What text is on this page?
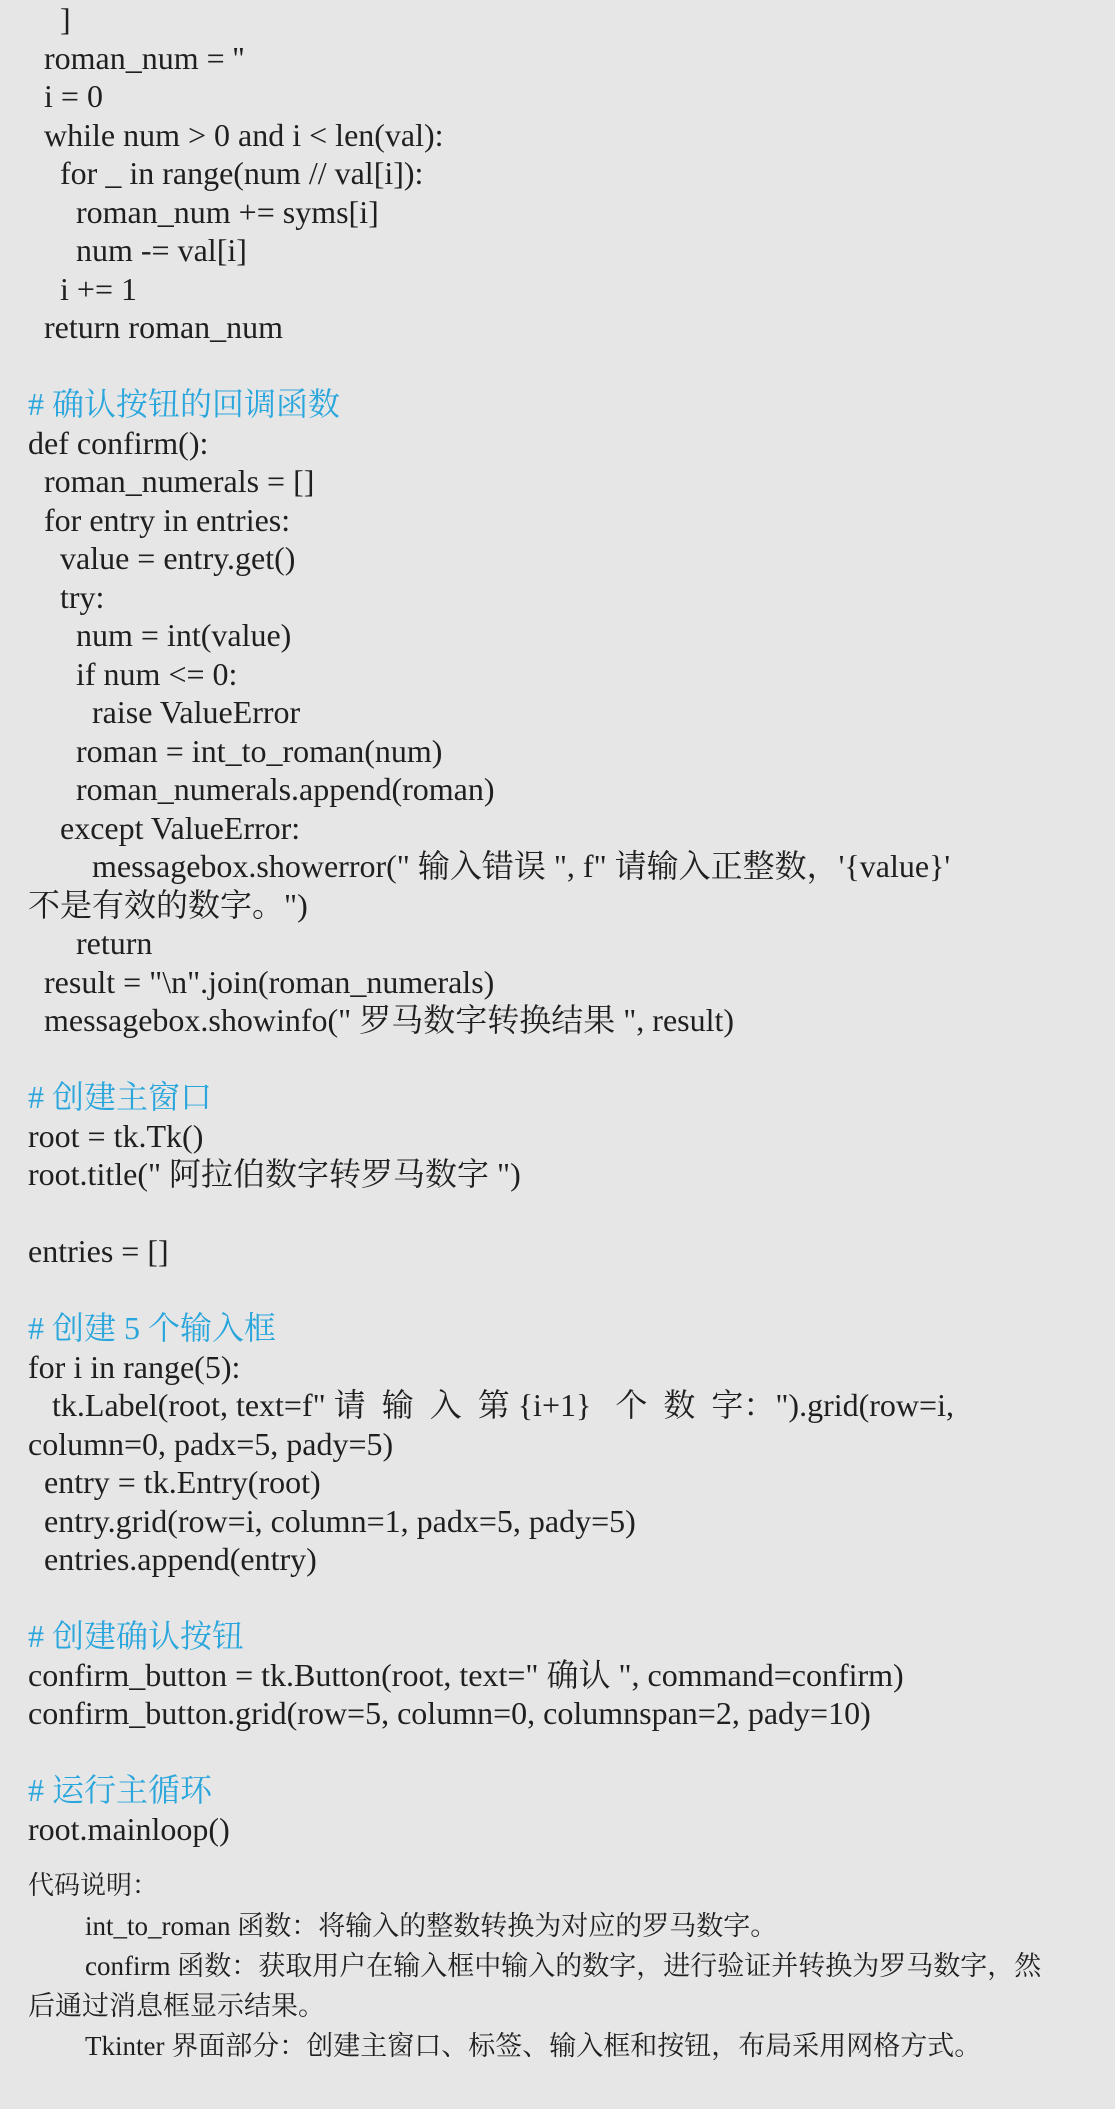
]
roman_num = ''
i = 0
while num > 0 and i < len(val):
for _ in range(num // val[i]):
roman_num += syms[i]
num -= val[i]
i += 1
return roman_num
# 确认按钮的回调函数
def confirm():
roman_numerals = []
for entry in entries:
value = entry.get()
try:
num = int(value)
if num <= 0:
raise ValueError
roman = int_to_roman(num)
roman_numerals.append(roman)
except ValueError:
messagebox.showerror(" 输入错误 ", f" 请输入正整数，'{value}'
不是有效的数字。")
return
result = "\n".join(roman_numerals)
messagebox.showinfo(" 罗马数字转换结果 ", result)
# 创建主窗口
root = tk.Tk()
root.title(" 阿拉伯数字转罗马数字 ")
entries = []
# 创建 5 个输入框
for i in range(5):
tk.Label(root, text=f" 请  输  入  第 {i+1}   个  数  字：").grid(row=i,
column=0, padx=5, pady=5)
entry = tk.Entry(root)
entry.grid(row=i, column=1, padx=5, pady=5)
entries.append(entry)
# 创建确认按钮
confirm_button = tk.Button(root, text=" 确认 ", command=confirm)
confirm_button.grid(row=5, column=0, columnspan=2, pady=10)
# 运行主循环
root.mainloop()
代码说明：
int_to_roman 函数：将输入的整数转换为对应的罗马数字。
confirm 函数：获取用户在输入框中输入的数字，进行验证并转换为罗马数字，然后通过消息框显示结果。
Tkinter 界面部分：创建主窗口、标签、输入框和按钮，布局采用网格方式。
